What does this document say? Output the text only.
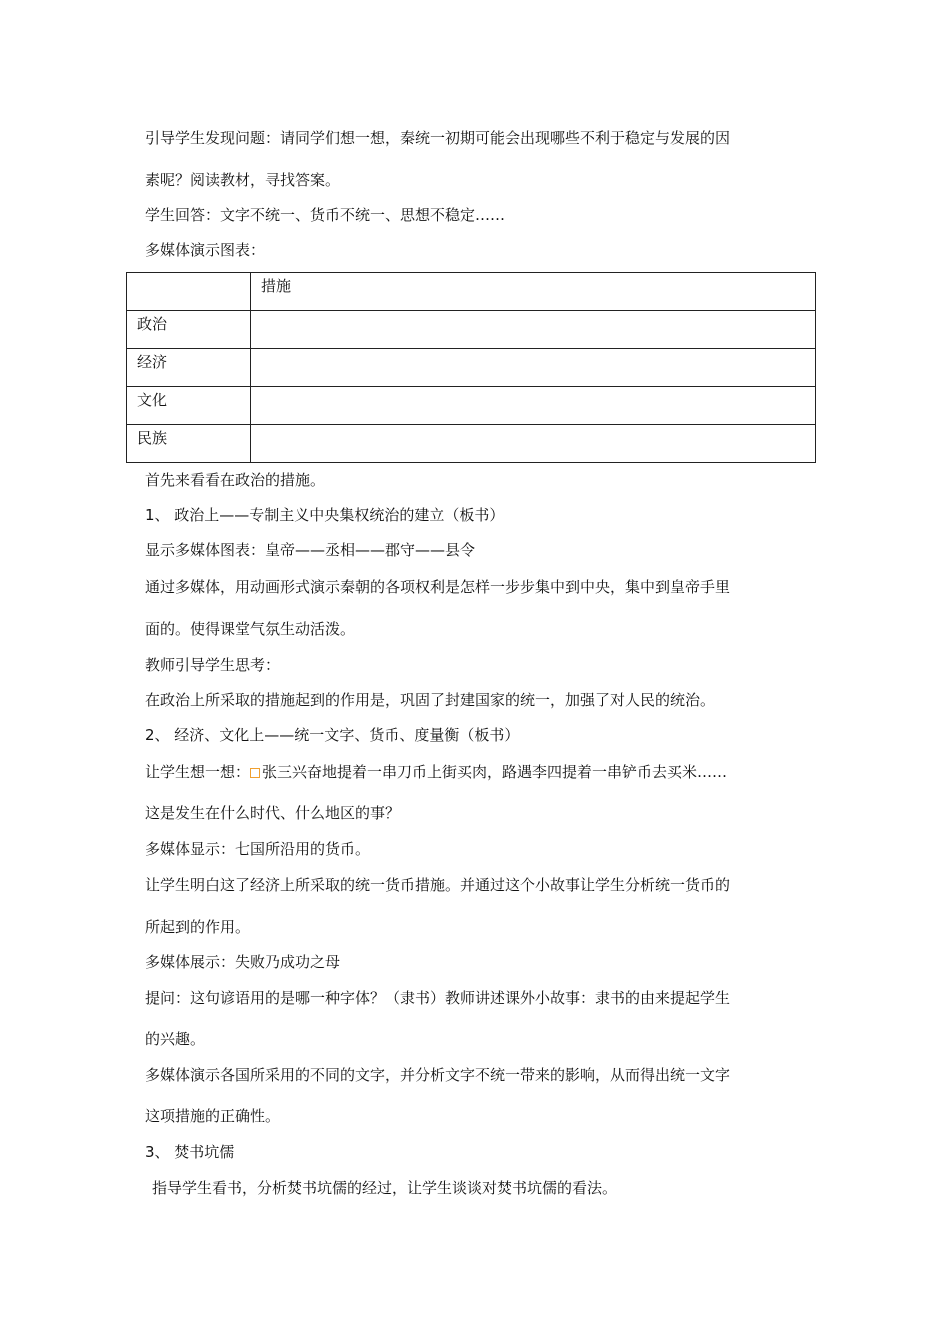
引导学生发现问题：请同学们想一想，秦统一初期可能会出现哪些不利于稳定与发展的因
素呢？阅读教材，寻找答案。
学生回答：文字不统一、货币不统一、思想不稳定……
多媒体演示图表：
	措施
政治	
经济	
文化	
民族	
首先来看看在政治的措施。
1、 政治上——专制主义中央集权统治的建立（板书）
显示多媒体图表：皇帝——丞相——郡守——县令
通过多媒体，用动画形式演示秦朝的各项权利是怎样一步步集中到中央，集中到皇帝手里
面的。使得课堂气氛生动活泼。
教师引导学生思考：
在政治上所采取的措施起到的作用是，巩固了封建国家的统一，加强了对人民的统治。
2、 经济、文化上——统一文字、货币、度量衡（板书）
让学生想一想： 张三兴奋地提着一串刀币上街买肉，路遇李四提着一串铲币去买米……
这是发生在什么时代、什么地区的事？
多媒体显示：七国所沿用的货币。
让学生明白这了经济上所采取的统一货币措施。并通过这个小故事让学生分析统一货币的
所起到的作用。
多媒体展示：失败乃成功之母
提问：这句谚语用的是哪一种字体？（隶书）教师讲述课外小故事：隶书的由来提起学生
的兴趣。
多媒体演示各国所采用的不同的文字，并分析文字不统一带来的影响，从而得出统一文字
这项措施的正确性。
3、 焚书坑儒
指导学生看书，分析焚书坑儒的经过，让学生谈谈对焚书坑儒的看法。
